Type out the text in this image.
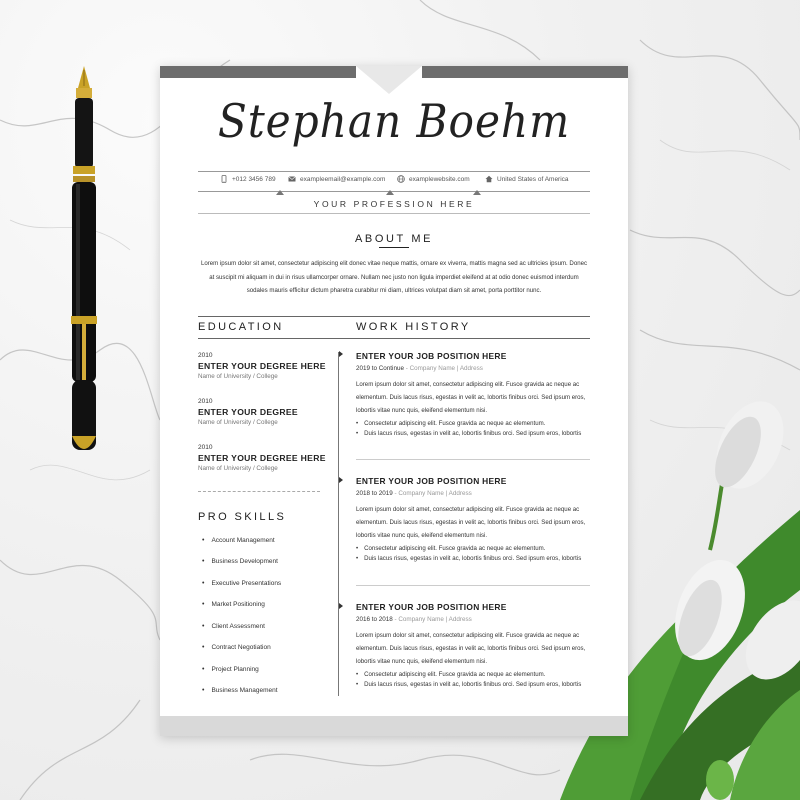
Stephan Boehm
+012 3456 789	exampleemail@example.com	examplewebsite.com	United States of America
YOUR PROFESSION HERE
ABOUT ME
Lorem ipsum dolor sit amet, consectetur adipiscing elit donec vitae neque mattis, ornare ex viverra, mattis magna sed ac ultricies ipsum. Donec
at suscipit mi aliquam in dui in risus ullamcorper ornare. Nullam nec justo non ligula imperdiet eleifend at at odio donec euismod interdum
sodales mauris efficitur dictum pharetra curabitur mi diam, ultrices volutpat diam sit amet, porta porttitor nunc.
EDUCATION	WORK HISTORY
2010
ENTER YOUR DEGREE HERE
Name of University / College
2010
ENTER YOUR DEGREE
Name of University / College
2010
ENTER YOUR DEGREE HERE
Name of University / College
PRO SKILLS
• Account Management
• Business Development
• Executive Presentations
• Market Positioning
• Client Assessment
• Contract Negotiation
• Project Planning
• Business Management
ENTER YOUR JOB POSITION HERE
2019 to Continue - Company Name | Address
Lorem ipsum dolor sit amet, consectetur adipiscing elit. Fusce gravida ac neque ac elementum. Duis lacus risus, egestas in velit ac, lobortis finibus orci. Sed ipsum eros, lobortis vitae nunc quis, eleifend elementum nisi.
• Consectetur adipiscing elit. Fusce gravida ac neque ac elementum.
• Duis lacus risus, egestas in velit ac, lobortis finibus orci. Sed ipsum eros, lobortis
ENTER YOUR JOB POSITION HERE
2018 to 2019 - Company Name | Address
Lorem ipsum dolor sit amet, consectetur adipiscing elit. Fusce gravida ac neque ac elementum. Duis lacus risus, egestas in velit ac, lobortis finibus orci. Sed ipsum eros, lobortis vitae nunc quis, eleifend elementum nisi.
• Consectetur adipiscing elit. Fusce gravida ac neque ac elementum.
• Duis lacus risus, egestas in velit ac, lobortis finibus orci. Sed ipsum eros, lobortis
ENTER YOUR JOB POSITION HERE
2016 to 2018 - Company Name | Address
Lorem ipsum dolor sit amet, consectetur adipiscing elit. Fusce gravida ac neque ac elementum. Duis lacus risus, egestas in velit ac, lobortis finibus orci. Sed ipsum eros, lobortis vitae nunc quis, eleifend elementum nisi.
• Consectetur adipiscing elit. Fusce gravida ac neque ac elementum.
• Duis lacus risus, egestas in velit ac, lobortis finibus orci. Sed ipsum eros, lobortis
